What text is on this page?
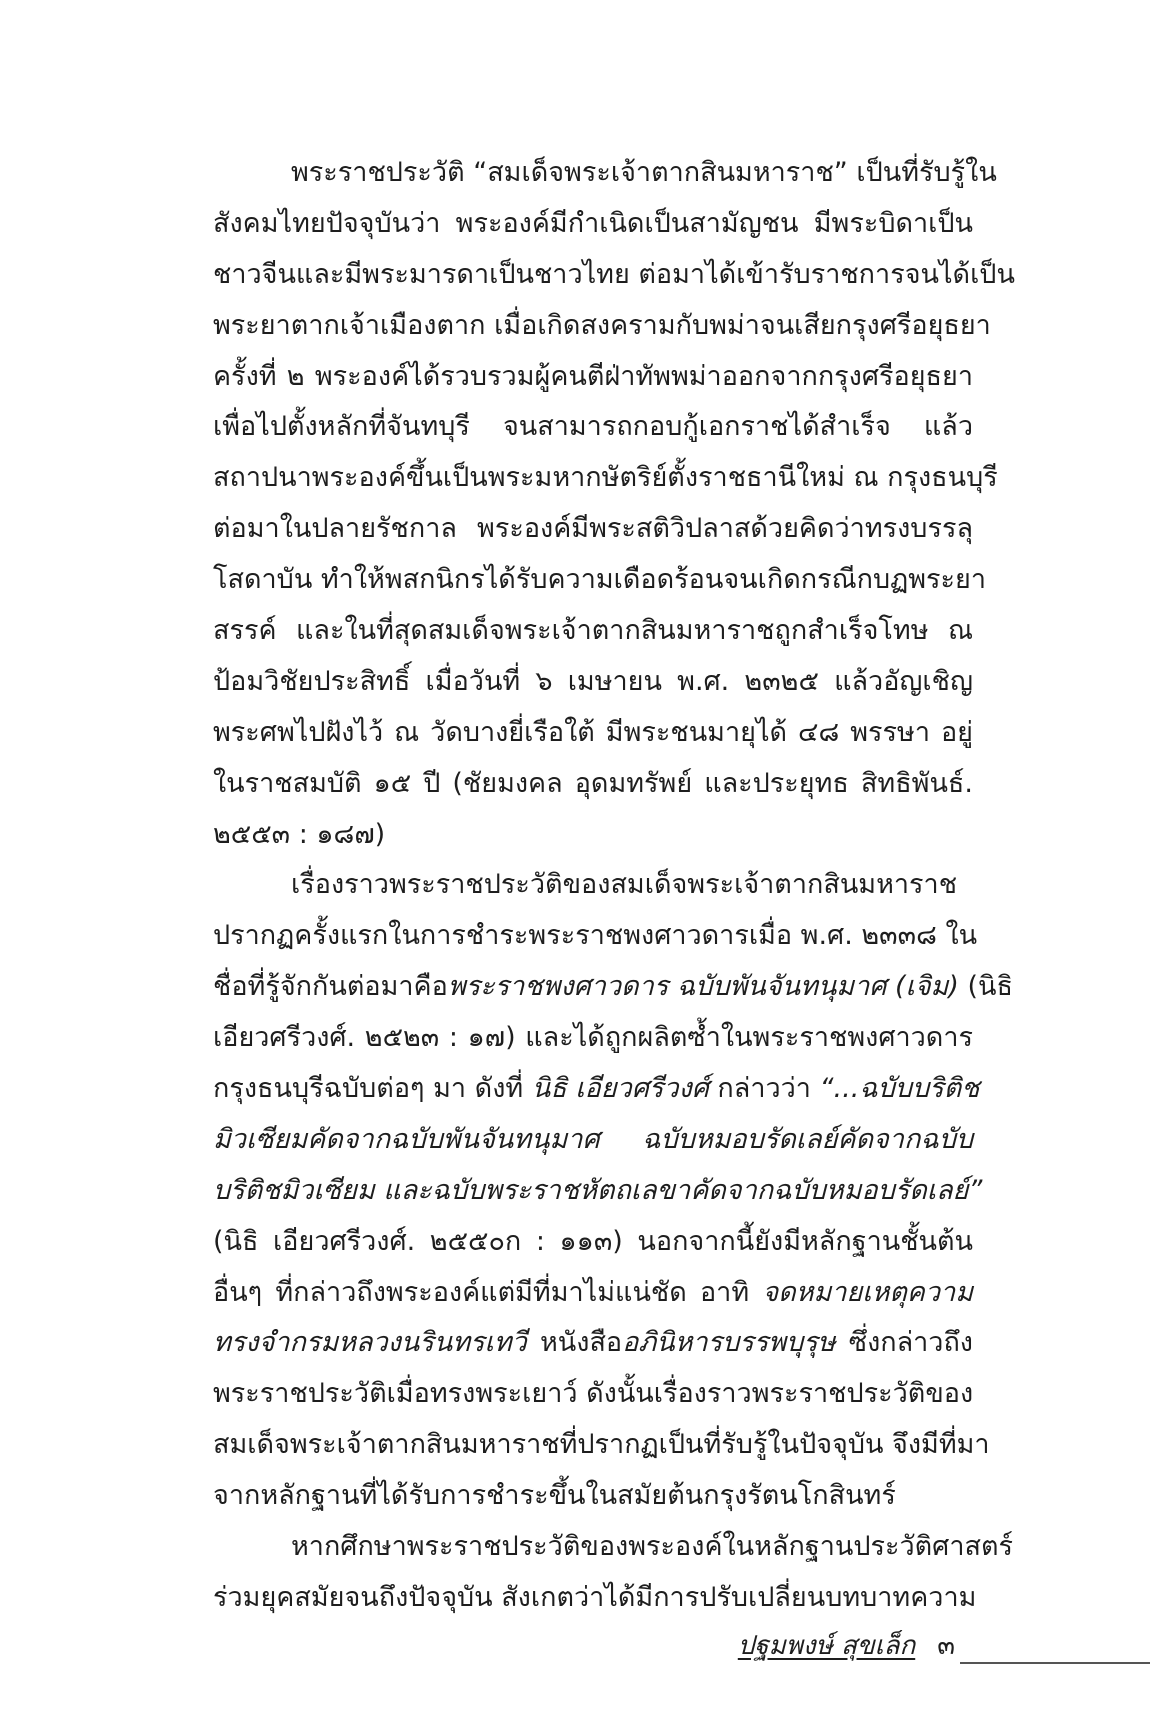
พระราชประวัติ “สมเด็จพระเจ้าตากสินมหาราช” เป็นที่รับรู้ใน
สังคมไทยปัจจุบันว่า พระองค์มีกำเนิดเป็นสามัญชน มีพระบิดาเป็น
ชาวจีนและมีพระมารดาเป็นชาวไทย ต่อมาได้เข้ารับราชการจนได้เป็น
พระยาตากเจ้าเมืองตาก เมื่อเกิดสงครามกับพม่าจนเสียกรุงศรีอยุธยา
ครั้งที่ ๒ พระองค์ได้รวบรวมผู้คนตีฝ่าทัพพม่าออกจากกรุงศรีอยุธยา
เพื่อไปตั้งหลักที่จันทบุรี จนสามารถกอบกู้เอกราชได้สำเร็จ แล้ว
สถาปนาพระองค์ขึ้นเป็นพระมหากษัตริย์ตั้งราชธานีใหม่ ณ กรุงธนบุรี
ต่อมาในปลายรัชกาล พระองค์มีพระสติวิปลาสด้วยคิดว่าทรงบรรลุ
โสดาบัน ทำให้พสกนิกรได้รับความเดือดร้อนจนเกิดกรณีกบฏพระยา
สรรค์ และในที่สุดสมเด็จพระเจ้าตากสินมหาราชถูกสำเร็จโทษ ณ
ป้อมวิชัยประสิทธิ์ เมื่อวันที่ ๖ เมษายน พ.ศ. ๒๓๒๕ แล้วอัญเชิญ
พระศพไปฝังไว้ ณ วัดบางยี่เรือใต้ มีพระชนมายุได้ ๔๘ พรรษา อยู่
ในราชสมบัติ ๑๕ ปี (ชัยมงคล อุดมทรัพย์ และประยุทธ สิทธิพันธ์.
๒๕๕๓ : ๑๘๗)
เรื่องราวพระราชประวัติของสมเด็จพระเจ้าตากสินมหาราช
ปรากฏครั้งแรกในการชำระพระราชพงศาวดารเมื่อ พ.ศ. ๒๓๓๘ ใน
ชื่อที่รู้จักกันต่อมาคือพระราชพงศาวดาร ฉบับพันจันทนุมาศ (เจิม) (นิธิ
เอียวศรีวงศ์. ๒๕๒๓ : ๑๗) และได้ถูกผลิตซ้ำในพระราชพงศาวดาร
กรุงธนบุรีฉบับต่อๆ มา ดังที่ นิธิ เอียวศรีวงศ์ กล่าวว่า “...ฉบับบริติช
มิวเซียมคัดจากฉบับพันจันทนุมาศ ฉบับหมอบรัดเลย์คัดจากฉบับ
บริติชมิวเซียม และฉบับพระราชหัตถเลขาคัดจากฉบับหมอบรัดเลย์”
(นิธิ เอียวศรีวงศ์. ๒๕๕๐ก : ๑๑๓) นอกจากนี้ยังมีหลักฐานชั้นต้น
อื่นๆ ที่กล่าวถึงพระองค์แต่มีที่มาไม่แน่ชัด อาทิ จดหมายเหตุความ
ทรงจำกรมหลวงนรินทรเทวี หนังสืออภินิหารบรรพบุรุษ ซึ่งกล่าวถึง
พระราชประวัติเมื่อทรงพระเยาว์ ดังนั้นเรื่องราวพระราชประวัติของ
สมเด็จพระเจ้าตากสินมหาราชที่ปรากฏเป็นที่รับรู้ในปัจจุบัน จึงมีที่มา
จากหลักฐานที่ได้รับการชำระขึ้นในสมัยต้นกรุงรัตนโกสินทร์
หากศึกษาพระราชประวัติของพระองค์ในหลักฐานประวัติศาสตร์
ร่วมยุคสมัยจนถึงปัจจุบัน สังเกตว่าได้มีการปรับเปลี่ยนบทบาทความ
ปฐมพงษ์ สุขเล็ก ๓
